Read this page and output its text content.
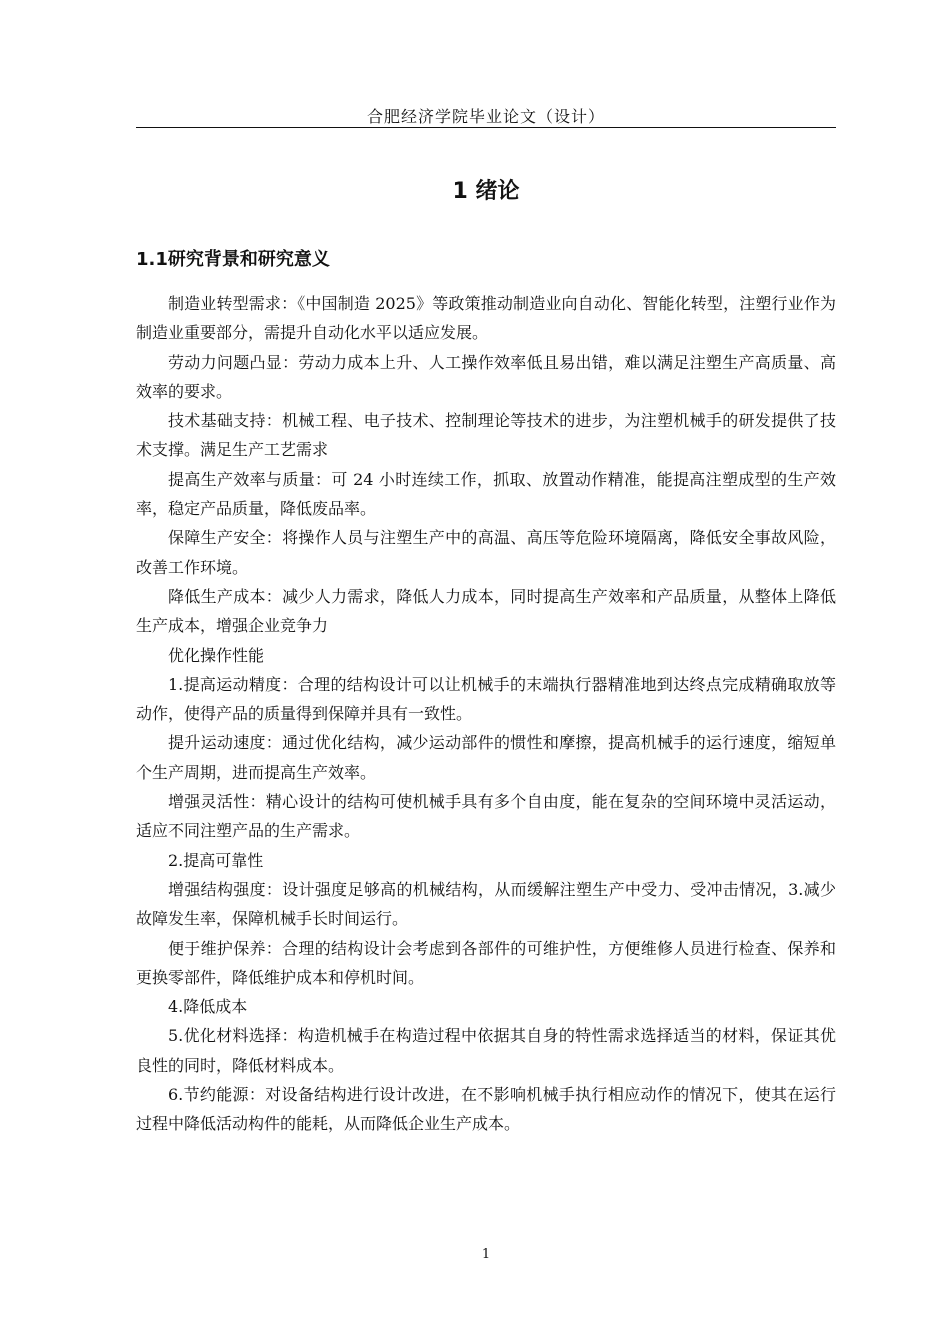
合肥经济学院毕业论文（设计）
1 绪论
1.1研究背景和研究意义

制造业转型需求：《中国制造 2025》等政策推动制造业向自动化、智能化转型，注塑行业作为制造业重要部分，需提升自动化水平以适应发展。

劳动力问题凸显：劳动力成本上升、人工操作效率低且易出错，难以满足注塑生产高质量、高效率的要求。

技术基础支持：机械工程、电子技术、控制理论等技术的进步，为注塑机械手的研发提供了技术支撑。满足生产工艺需求

提高生产效率与质量：可 24 小时连续工作，抓取、放置动作精准，能提高注塑成型的生产效率，稳定产品质量，降低废品率。

保障生产安全：将操作人员与注塑生产中的高温、高压等危险环境隔离，降低安全事故风险，改善工作环境。

降低生产成本：减少人力需求，降低人力成本，同时提高生产效率和产品质量，从整体上降低生产成本，增强企业竞争力

优化操作性能

1.提高运动精度：合理的结构设计可以让机械手的末端执行器精准地到达终点完成精确取放等动作，使得产品的质量得到保障并具有一致性。

提升运动速度：通过优化结构，减少运动部件的惯性和摩擦，提高机械手的运行速度，缩短单个生产周期，进而提高生产效率。

增强灵活性：精心设计的结构可使机械手具有多个自由度，能在复杂的空间环境中灵活运动，适应不同注塑产品的生产需求。

2.提高可靠性

增强结构强度：设计强度足够高的机械结构，从而缓解注塑生产中受力、受冲击情况，3.减少故障发生率，保障机械手长时间运行。

便于维护保养：合理的结构设计会考虑到各部件的可维护性，方便维修人员进行检查、保养和更换零部件，降低维护成本和停机时间。

4.降低成本

5.优化材料选择：构造机械手在构造过程中依据其自身的特性需求选择适当的材料，保证其优良性的同时，降低材料成本。

6.节约能源：对设备结构进行设计改进，在不影响机械手执行相应动作的情况下，使其在运行过程中降低活动构件的能耗，从而降低企业生产成本。

1
